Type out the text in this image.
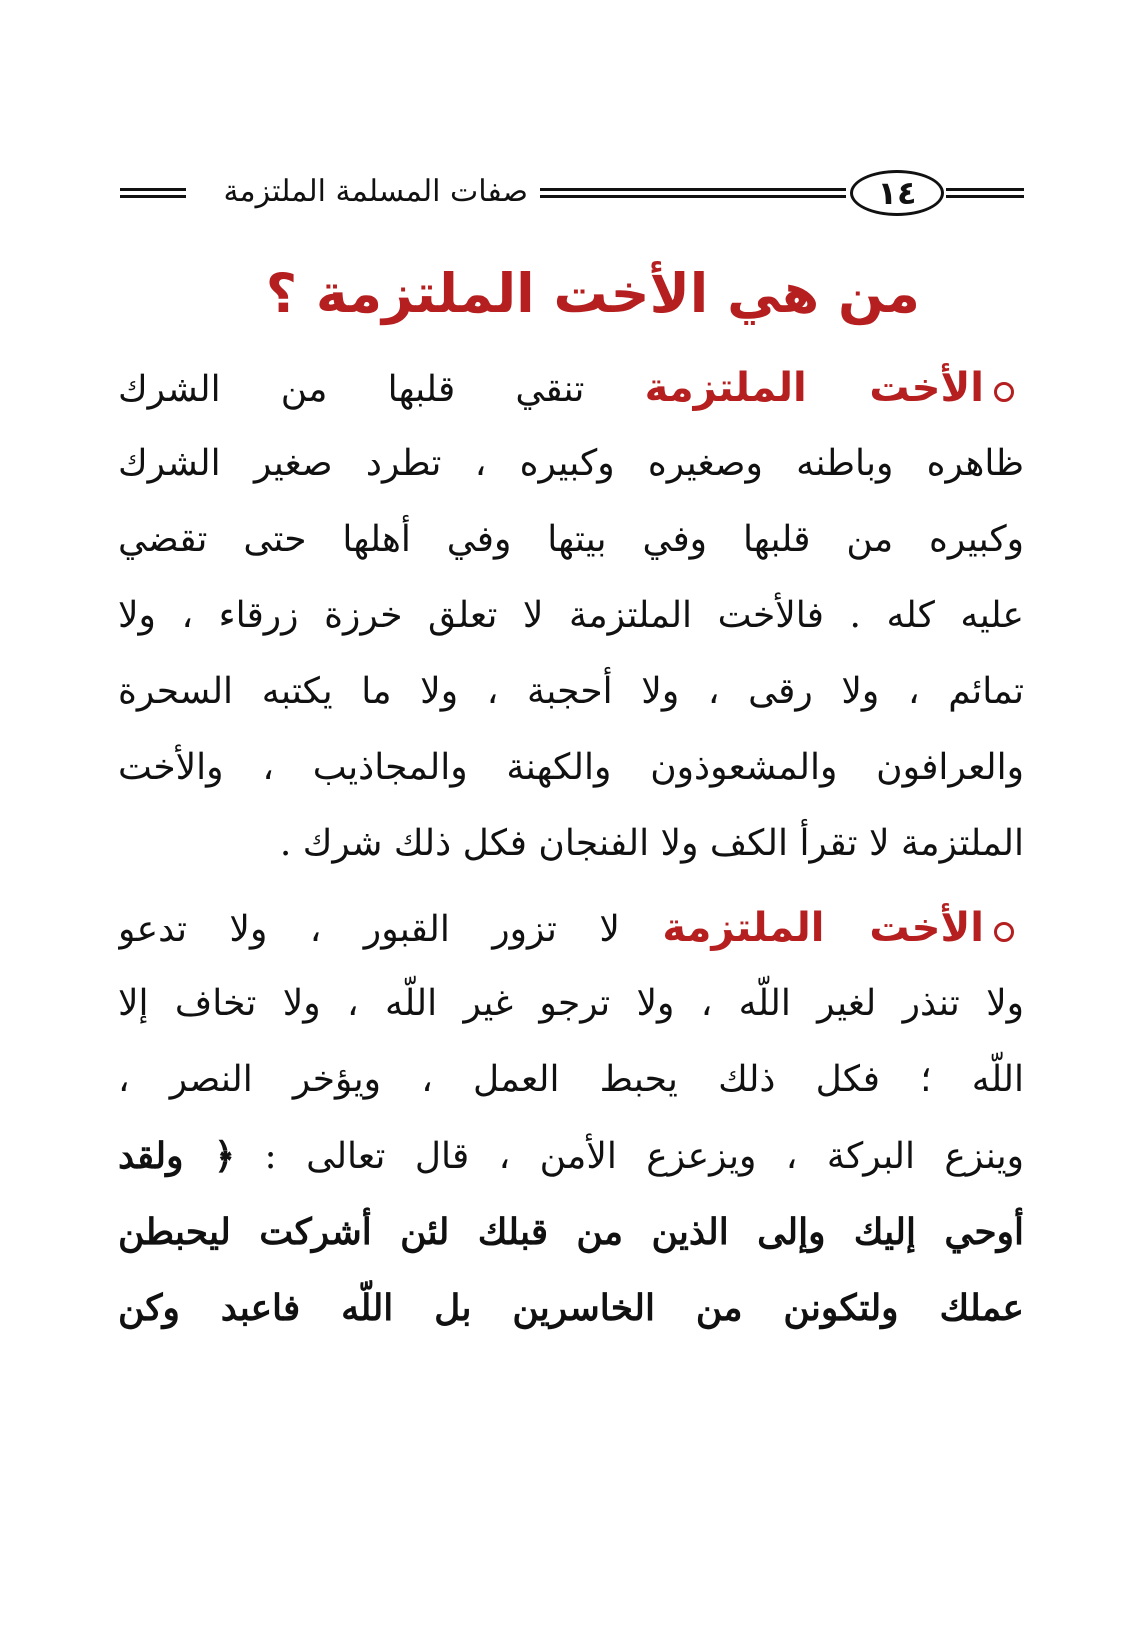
١٤
صفات المسلمة الملتزمة
من هي الأخت الملتزمة ؟
الأخت الملتزمة تنقي قلبها من الشرك
ظاهره وباطنه وصغيره وكبيره ، تطرد صغير الشرك
وكبيره من قلبها وفي بيتها وفي أهلها حتى تقضي
عليه كله . فالأخت الملتزمة لا تعلق خرزة زرقاء ، ولا
تمائم ، ولا رقى ، ولا أحجبة ، ولا ما يكتبه السحرة
والعرافون والمشعوذون والكهنة والمجاذيب ، والأخت
الملتزمة لا تقرأ الكف ولا الفنجان فكل ذلك شرك .
الأخت الملتزمة لا تزور القبور ، ولا تدعو
ولا تنذر لغير اللّه ، ولا ترجو غير اللّه ، ولا تخاف إلا
اللّه ؛ فكل ذلك يحبط العمل ، ويؤخر النصر ،
وينزع البركة ، ويزعزع الأمن ، قال تعالى : ﴿ ولقد
أوحي إليك وإلى الذين من قبلك لئن أشركت ليحبطن
عملك ولتكونن من الخاسرين بل اللّه فاعبد وكن
